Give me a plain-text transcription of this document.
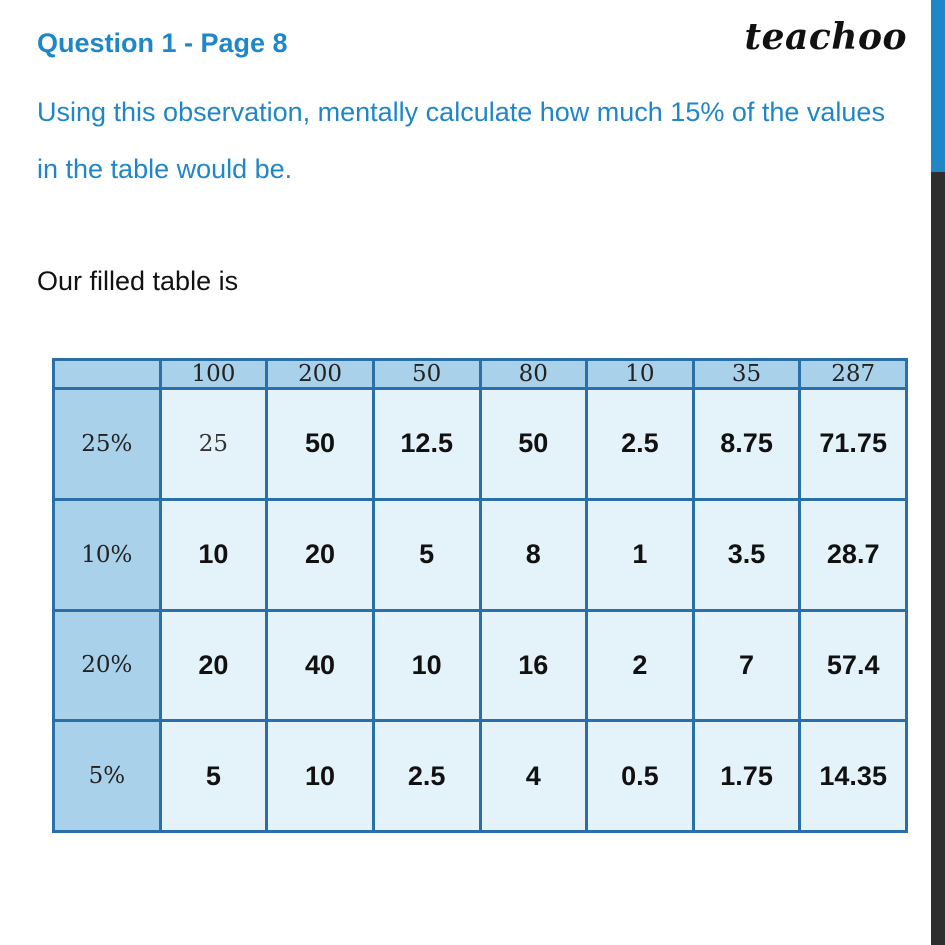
Question 1 - Page 8	teachoo
Using this observation, mentally calculate how much 15% of the values in the table would be.
Our filled table is
	100	200	50	80	10	35	287
25%	25	50	12.5	50	2.5	8.75	71.75
10%	10	20	5	8	1	3.5	28.7
20%	20	40	10	16	2	7	57.4
5%	5	10	2.5	4	0.5	1.75	14.35
